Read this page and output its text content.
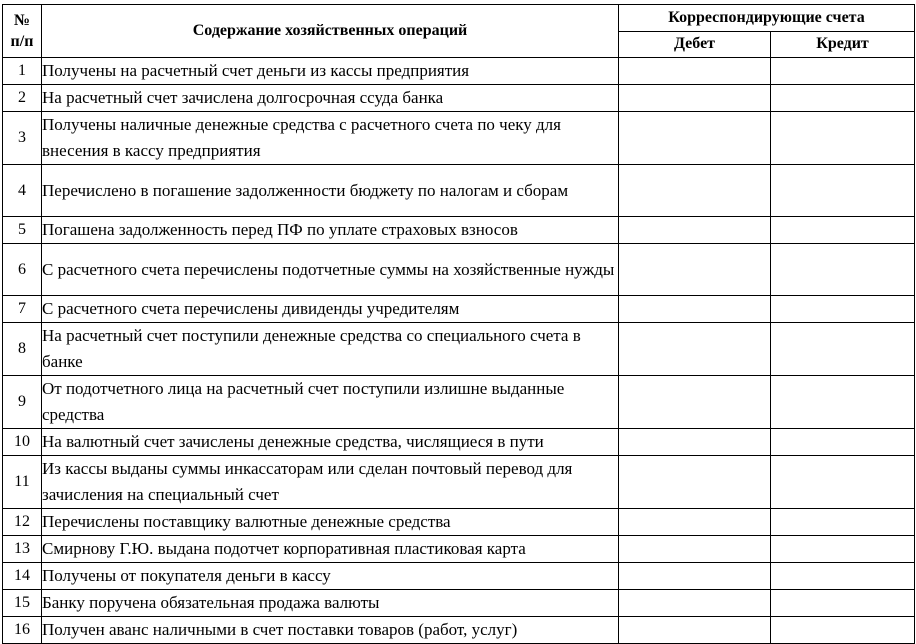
№
п/п	Содержание хозяйственных операций	Корреспондирующие счета	
		Дебет	Кредит
1	Получены на расчетный счет деньги из кассы предприятия		
2	На расчетный счет зачислена долгосрочная ссуда банка		
3	Получены наличные денежные средства с расчетного счета по чеку для внесения в кассу предприятия		
4	Перечислено в погашение задолженности бюджету по налогам и сборам		
5	Погашена задолженность перед ПФ по уплате страховых взносов		
6	С расчетного счета перечислены подотчетные суммы на хозяйственные нужды		
7	С расчетного счета перечислены дивиденды учредителям		
8	На расчетный счет поступили денежные средства со специального счета в банке		
9	От подотчетного лица на расчетный счет поступили излишне выданные средства		
10	На валютный счет зачислены денежные средства, числящиеся в пути		
11	Из кассы выданы суммы инкассаторам или сделан почтовый перевод для зачисления на специальный счет		
12	Перечислены поставщику валютные денежные средства		
13	Смирнову Г.Ю. выдана подотчет корпоративная пластиковая карта		
14	Получены от покупателя деньги в кассу		
15	Банку поручена обязательная продажа валюты		
16	Получен аванс наличными в счет поставки товаров (работ, услуг)		
